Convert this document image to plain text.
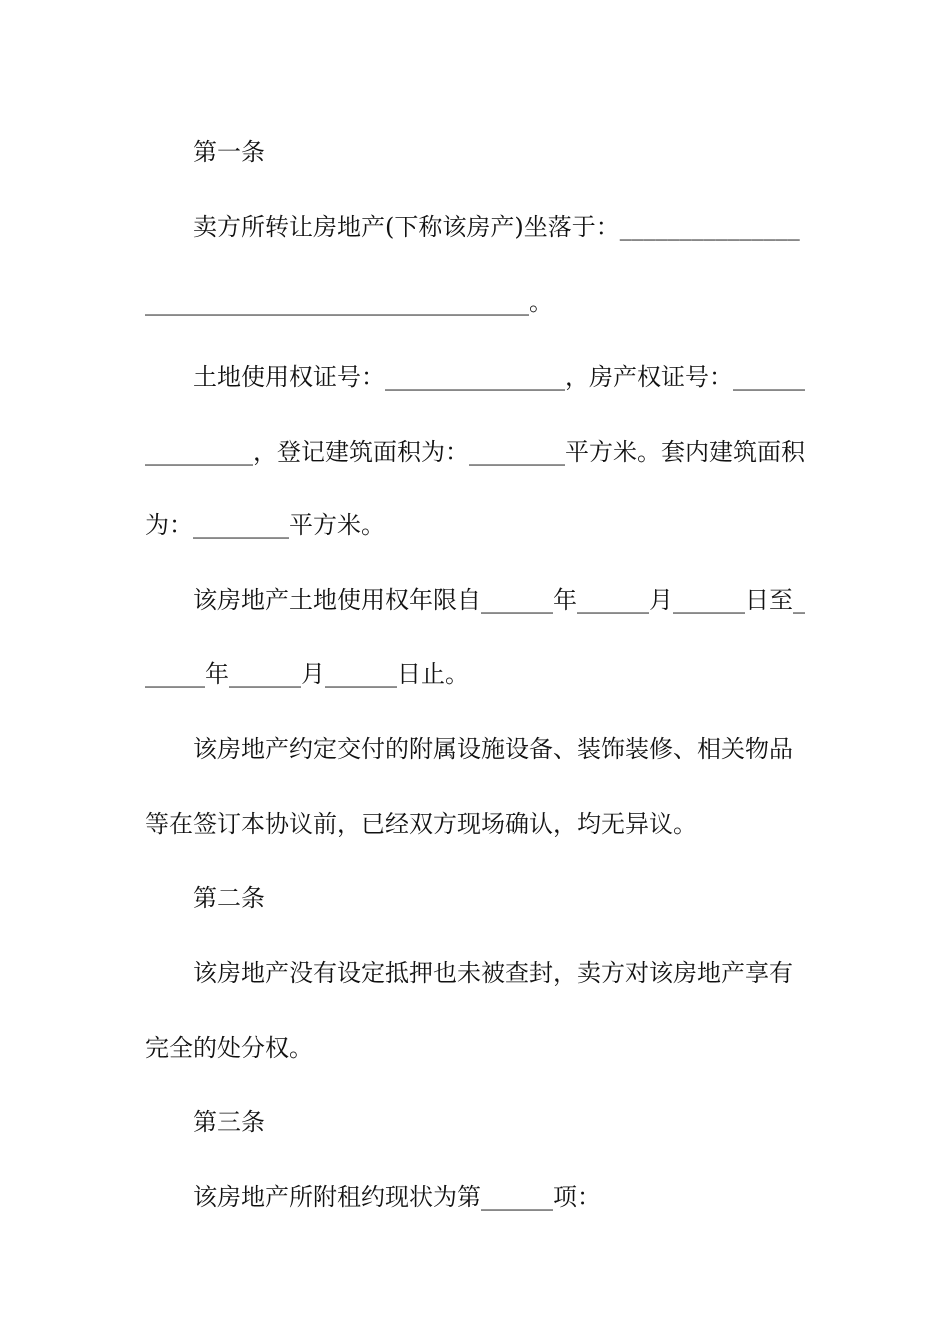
第一条
卖方所转让房地产(下称该房产)坐落于：_______________
________________________________。
土地使用权证号：_______________，房产权证号：______
_________，登记建筑面积为：________平方米。套内建筑面积
为：________平方米。
该房地产土地使用权年限自______年______月______日至_
_____年______月______日止。
该房地产约定交付的附属设施设备、装饰装修、相关物品
等在签订本协议前，已经双方现场确认，均无异议。
第二条
该房地产没有设定抵押也未被查封，卖方对该房地产享有
完全的处分权。
第三条
该房地产所附租约现状为第______项：
